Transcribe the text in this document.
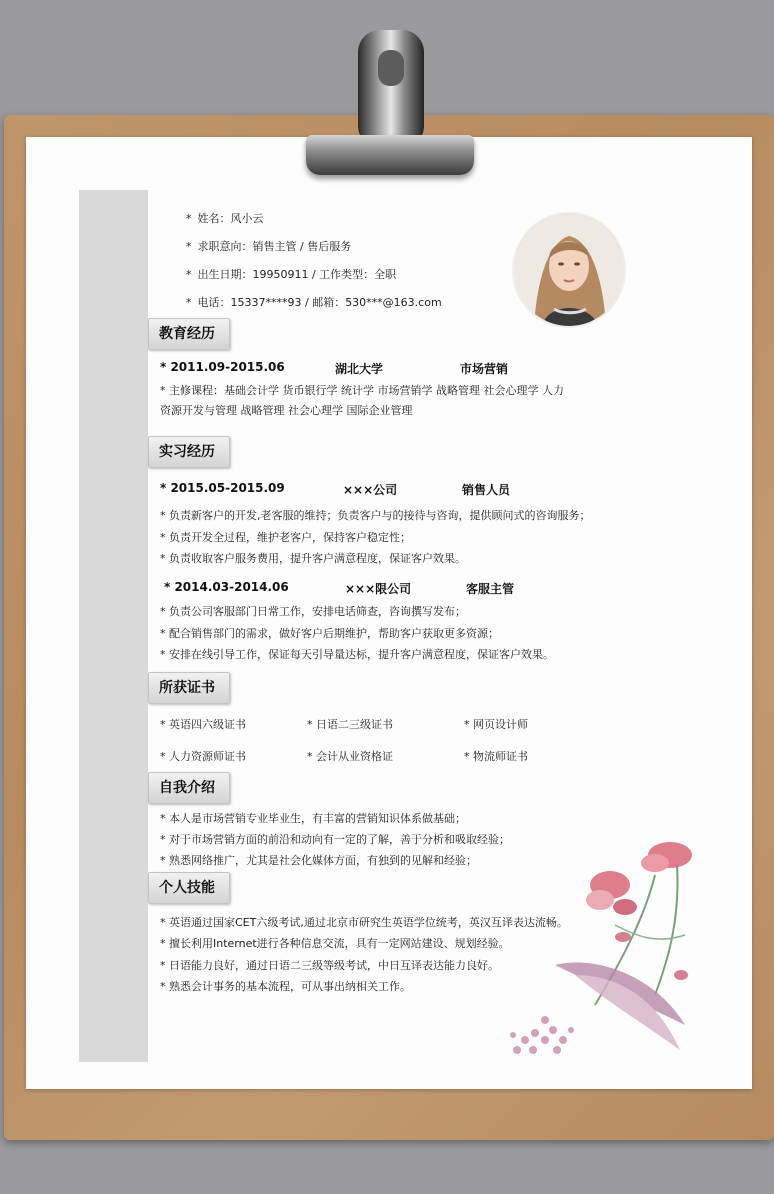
* 姓名：风小云
* 求职意向：销售主管 / 售后服务
* 出生日期：19950911 / 工作类型：全职
* 电话：15337****93 / 邮箱：530***@163.com
教育经历
* 2011.09-2015.06	湖北大学	市场营销
* 主修课程：基础会计学 货币银行学 统计学 市场营销学 战略管理 社会心理学 人力
资源开发与管理 战略管理 社会心理学 国际企业管理
实习经历
* 2015.05-2015.09	×××公司	销售人员
* 负责新客户的开发,老客服的维持；负责客户与的接待与咨询，提供顾问式的咨询服务；
* 负责开发全过程，维护老客户，保持客户稳定性；
* 负责收取客户服务费用，提升客户满意程度，保证客户效果。
* 2014.03-2014.06	×××限公司	客服主管
* 负责公司客服部门日常工作，安排电话筛查，咨询撰写发布；
* 配合销售部门的需求，做好客户后期维护，帮助客户获取更多资源；
* 安排在线引导工作，保证每天引导量达标，提升客户满意程度，保证客户效果。
所获证书
* 英语四六级证书	* 日语二三级证书	* 网页设计师
* 人力资源师证书	* 会计从业资格证	* 物流师证书
自我介绍
* 本人是市场营销专业毕业生，有丰富的营销知识体系做基础；
* 对于市场营销方面的前沿和动向有一定的了解，善于分析和吸取经验；
* 熟悉网络推广，尤其是社会化媒体方面，有独到的见解和经验；
个人技能
* 英语通过国家CET六级考试,通过北京市研究生英语学位统考，英汉互译表达流畅。
* 擅长利用Internet进行各种信息交流，具有一定网站建设、规划经验。
* 日语能力良好，通过日语二三级等级考试，中日互译表达能力良好。
* 熟悉会计事务的基本流程，可从事出纳相关工作。
